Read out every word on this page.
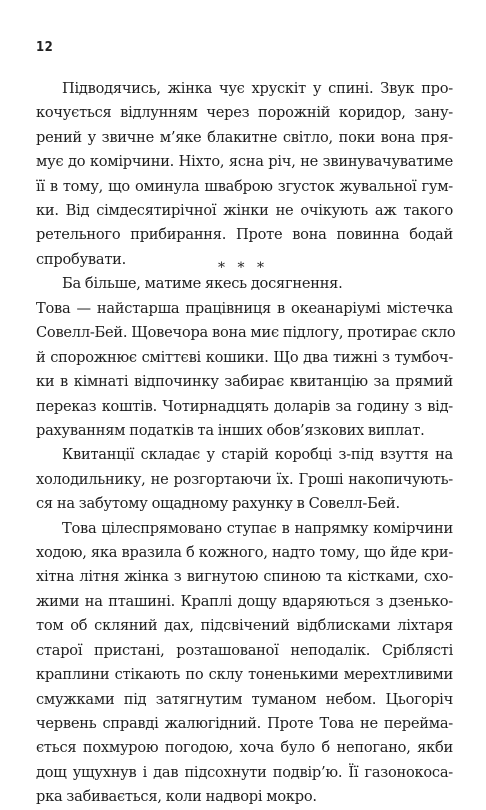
12

Підводячись, жінка чує хрускіт у спині. Звук про-
кочується відлунням через порожній коридор, зану-
рений у звичне м’яке блакитне світло, поки вона пря-
мує до комірчини. Ніхто, ясна річ, не звинувачуватиме
її в тому, що оминула шваброю згусток жувальної гум-
ки. Від сімдесятирічної жінки не очікують аж такого
ретельного прибирання. Проте вона повинна бодай
спробувати.

Ба більше, матиме якесь досягнення.

* * *

Това — найстарша працівниця в океанаріумі містечка
Совелл-Бей. Щовечора вона миє підлогу, протирає скло
й спорожнює сміттєві кошики. Що два тижні з тумбоч-
ки в кімнаті відпочинку забирає квитанцію за прямий
переказ коштів. Чотирнадцять доларів за годину з від-
рахуванням податків та інших обов’язкових виплат.

Квитанції складає у старій коробці з-під взуття на
холодильнику, не розгортаючи їх. Гроші накопичують-
ся на забутому ощадному рахунку в Совелл-Бей.

Това цілеспрямовано ступає в напрямку комірчини
ходою, яка вразила б кожного, надто тому, що йде кри-
хітна літня жінка з вигнутою спиною та кістками, схо-
жими на пташині. Краплі дощу вдаряються з дзенько-
том об скляний дах, підсвічений відблисками ліхтаря
старої пристані, розташованої неподалік. Сріблясті
краплини стікають по склу тоненькими мерехтливими
смужками під затягнутим туманом небом. Цьогоріч
червень справді жалюгідний. Проте Това не перейма-
ється похмурою погодою, хоча було б непогано, якби
дощ ущухнув і дав підсохнути подвір’ю. Її газонокоса-
рка забивається, коли надворі мокро.
